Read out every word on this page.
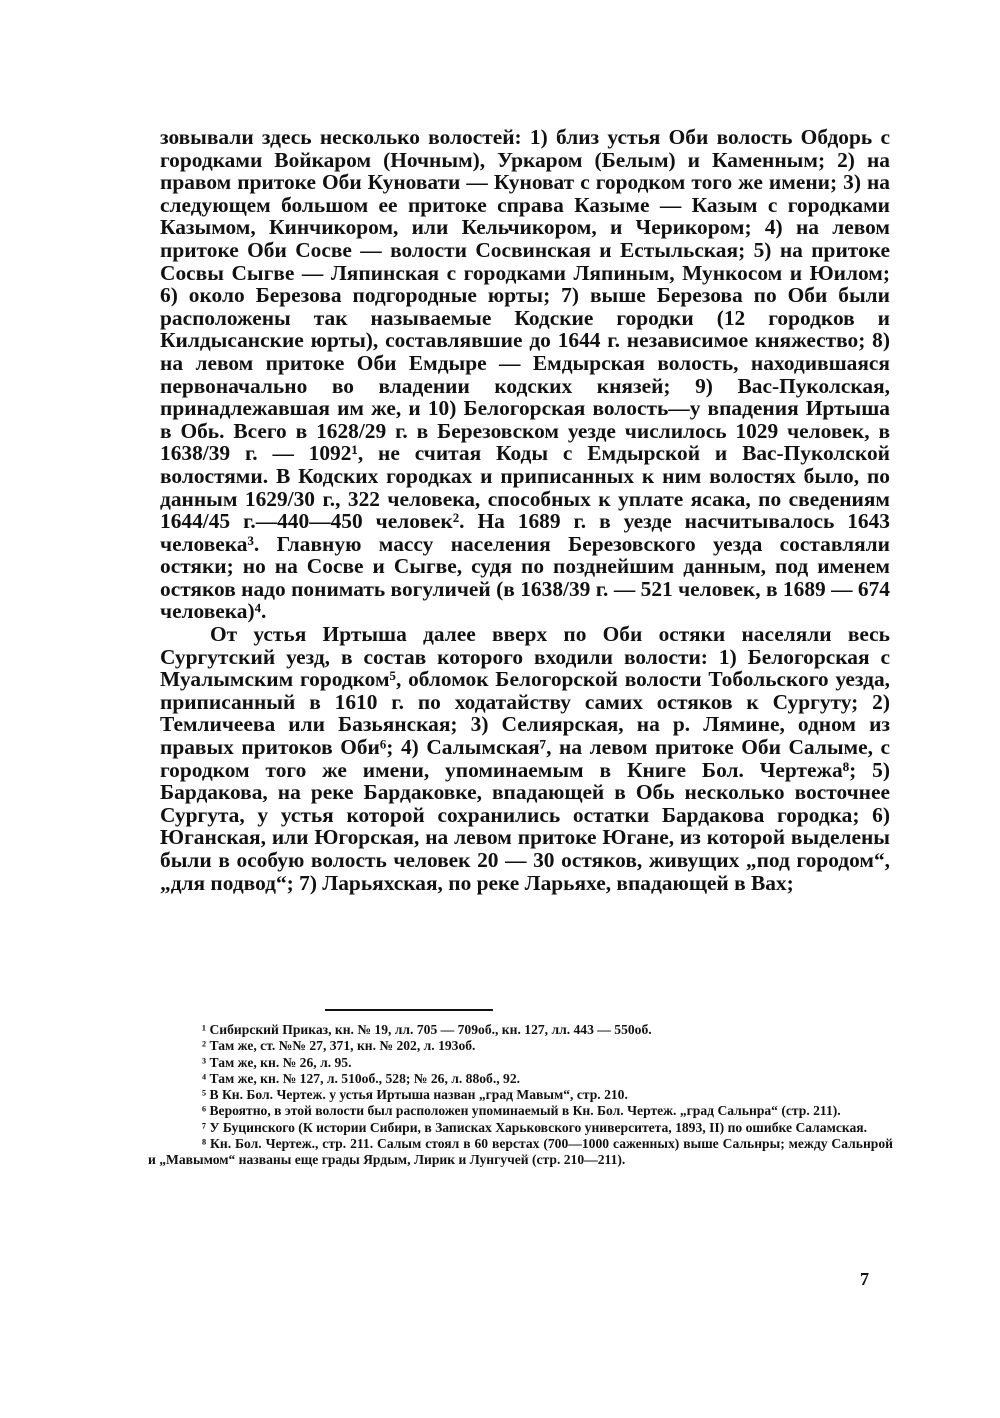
зовывали здесь несколько волостей: 1) близ устья Оби волость Обдорь с городками Войкаром (Ночным), Уркаром (Белым) и Каменным; 2) на правом притоке Оби Куновати — Куноват с городком того же имени; 3) на следующем большом ее притоке справа Казыме — Казым с городками Казымом, Кинчикором, или Кельчикором, и Черикором; 4) на левом притоке Оби Сосве — волости Сосвинская и Естыльская; 5) на притоке Сосвы Сыгве — Ляпинская с городками Ляпиным, Мункосом и Юилом; 6) около Березова подгородные юрты; 7) выше Березова по Оби были расположены так называемые Кодские городки (12 городков и Килдысанские юрты), составлявшие до 1644 г. независимое княжество; 8) на левом притоке Оби Емдыре — Емдырская волость, находившаяся первоначально во владении кодских князей; 9) Вас-Пуколская, принадлежавшая им же, и 10) Белогорская волость—у впадения Иртыша в Обь. Всего в 1628/29 г. в Березовском уезде числилось 1029 человек, в 1638/39 г. — 1092¹, не считая Коды с Емдырской и Вас-Пуколской волостями. В Кодских городках и приписанных к ним волостях было, по данным 1629/30 г., 322 человека, способных к уплате ясака, по сведениям 1644/45 г.—440—450 человек². На 1689 г. в уезде насчитывалось 1643 человека³. Главную массу населения Березовского уезда составляли остяки; но на Сосве и Сыгве, судя по позднейшим данным, под именем остяков надо понимать вогуличей (в 1638/39 г. — 521 человек, в 1689 — 674 человека)⁴.

От устья Иртыша далее вверх по Оби остяки населяли весь Сургутский уезд, в состав которого входили волости: 1) Белогорская с Муалымским городком⁵, обломок Белогорской волости Тобольского уезда, приписанный в 1610 г. по ходатайству самих остяков к Сургуту; 2) Темличеева или Базьянская; 3) Селиярская, на р. Лямине, одном из правых притоков Оби⁶; 4) Салымская⁷, на левом притоке Оби Салыме, с городком того же имени, упоминаемым в Книге Бол. Чертежа⁸; 5) Бардакова, на реке Бардаковке, впадающей в Обь несколько восточнее Сургута, у устья которой сохранились остатки Бардакова городка; 6) Юганская, или Югорская, на левом притоке Югане, из которой выделены были в особую волость человек 20 — 30 остяков, живущих „под городом“, „для подвод“; 7) Ларьяхская, по реке Ларьяхе, впадающей в Вах;

¹ Сибирский Приказ, кн. № 19, лл. 705 — 709об., кн. 127, лл. 443 — 550об.

² Там же, ст. №№ 27, 371, кн. № 202, л. 193об.

³ Там же, кн. № 26, л. 95.

⁴ Там же, кн. № 127, л. 510об., 528; № 26, л. 88об., 92.

⁵ В Кн. Бол. Чертеж. у устья Иртыша назван „град Мавым“, стр. 210.

⁶ Вероятно, в этой волости был расположен упоминаемый в Кн. Бол. Чертеж. „град Сальнра“ (стр. 211).

⁷ У Буцинского (К истории Сибири, в Записках Харьковского университета, 1893, II) по ошибке Саламская.

⁸ Кн. Бол. Чертеж., стр. 211. Салым стоял в 60 верстах (700—1000 саженных) выше Сальнры; между Сальнрой и „Мавымом“ названы еще грады Ярдым, Лирик и Лунгучей (стр. 210—211).

7
